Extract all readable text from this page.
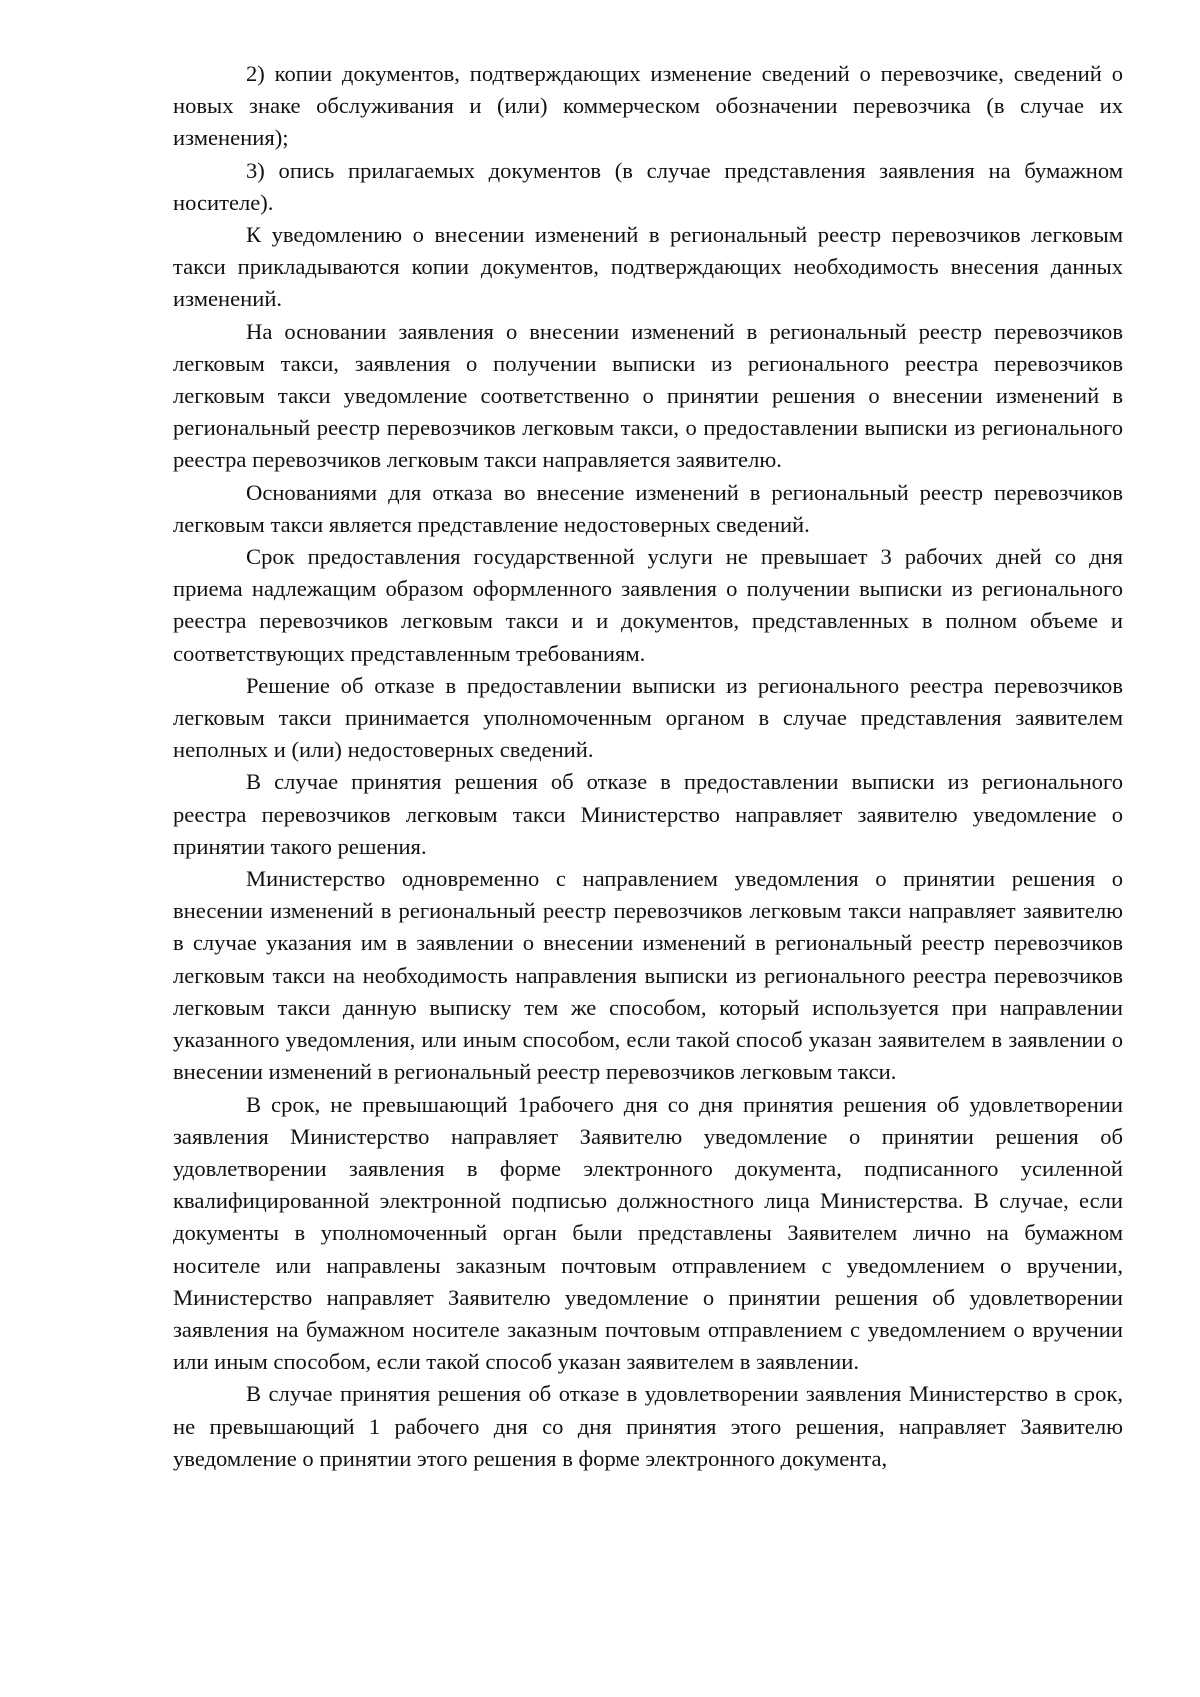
2) копии документов, подтверждающих изменение сведений о перевозчике, сведений о новых знаке обслуживания и (или) коммерческом обозначении перевозчика (в случае их изменения);

3) опись прилагаемых документов (в случае представления заявления на бумажном носителе).

К уведомлению о внесении изменений в региональный реестр перевозчиков легковым такси прикладываются копии документов, подтверждающих необходимость внесения данных изменений.

На основании заявления о внесении изменений в региональный реестр перевозчиков легковым такси, заявления о получении выписки из регионального реестра перевозчиков легковым такси уведомление соответственно о принятии решения о внесении изменений в региональный реестр перевозчиков легковым такси, о предоставлении выписки из регионального реестра перевозчиков легковым такси направляется заявителю.

Основаниями для отказа во внесение изменений в региональный реестр перевозчиков легковым такси является представление недостоверных сведений.

Срок предоставления государственной услуги не превышает 3 рабочих дней со дня приема надлежащим образом оформленного заявления о получении выписки из регионального реестра перевозчиков легковым такси и и документов, представленных в полном объеме и соответствующих представленным требованиям.

Решение об отказе в предоставлении выписки из регионального реестра перевозчиков легковым такси принимается уполномоченным органом в случае представления заявителем неполных и (или) недостоверных сведений.

В случае принятия решения об отказе в предоставлении выписки из регионального реестра перевозчиков легковым такси Министерство направляет заявителю уведомление о принятии такого решения.

Министерство одновременно с направлением уведомления о принятии решения о внесении изменений в региональный реестр перевозчиков легковым такси направляет заявителю в случае указания им в заявлении о внесении изменений в региональный реестр перевозчиков легковым такси на необходимость направления выписки из регионального реестра перевозчиков легковым такси данную выписку тем же способом, который используется при направлении указанного уведомления, или иным способом, если такой способ указан заявителем в заявлении о внесении изменений в региональный реестр перевозчиков легковым такси.

В срок, не превышающий 1рабочего дня со дня принятия решения об удовлетворении заявления Министерство направляет Заявителю уведомление о принятии решения об удовлетворении заявления в форме электронного документа, подписанного усиленной квалифицированной электронной подписью должностного лица Министерства. В случае, если документы в уполномоченный орган были представлены Заявителем лично на бумажном носителе или направлены заказным почтовым отправлением с уведомлением о вручении, Министерство направляет Заявителю уведомление о принятии решения об удовлетворении заявления на бумажном носителе заказным почтовым отправлением с уведомлением о вручении или иным способом, если такой способ указан заявителем в заявлении.

В случае принятия решения об отказе в удовлетворении заявления Министерство в срок, не превышающий 1 рабочего дня со дня принятия этого решения, направляет Заявителю уведомление о принятии этого решения в форме электронного документа,
